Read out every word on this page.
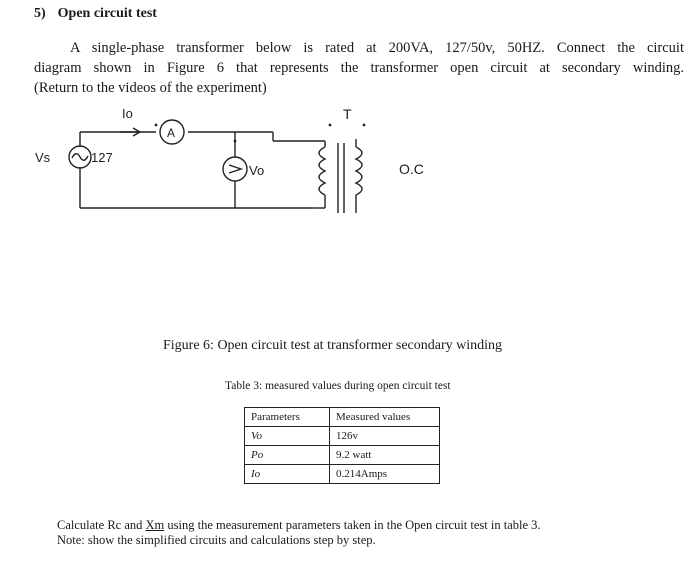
5) Open circuit test

A single-phase transformer below is rated at 200VA, 127/50v, 50HZ. Connect the circuit

diagram shown in Figure 6 that represents the transformer open circuit at secondary winding.

(Return to the videos of the experiment)

Io
A
T
Vs	127
Vo	O.C
Figure 6: Open circuit test at transformer secondary winding
Table 3: measured values during open circuit test
Parameters	Measured values
Vo	126v
Po	9.2 watt
Io	0.214Amps

Calculate Rc and Xm using the measurement parameters taken in the Open circuit test in table 3.

Note: show the simplified circuits and calculations step by step.
